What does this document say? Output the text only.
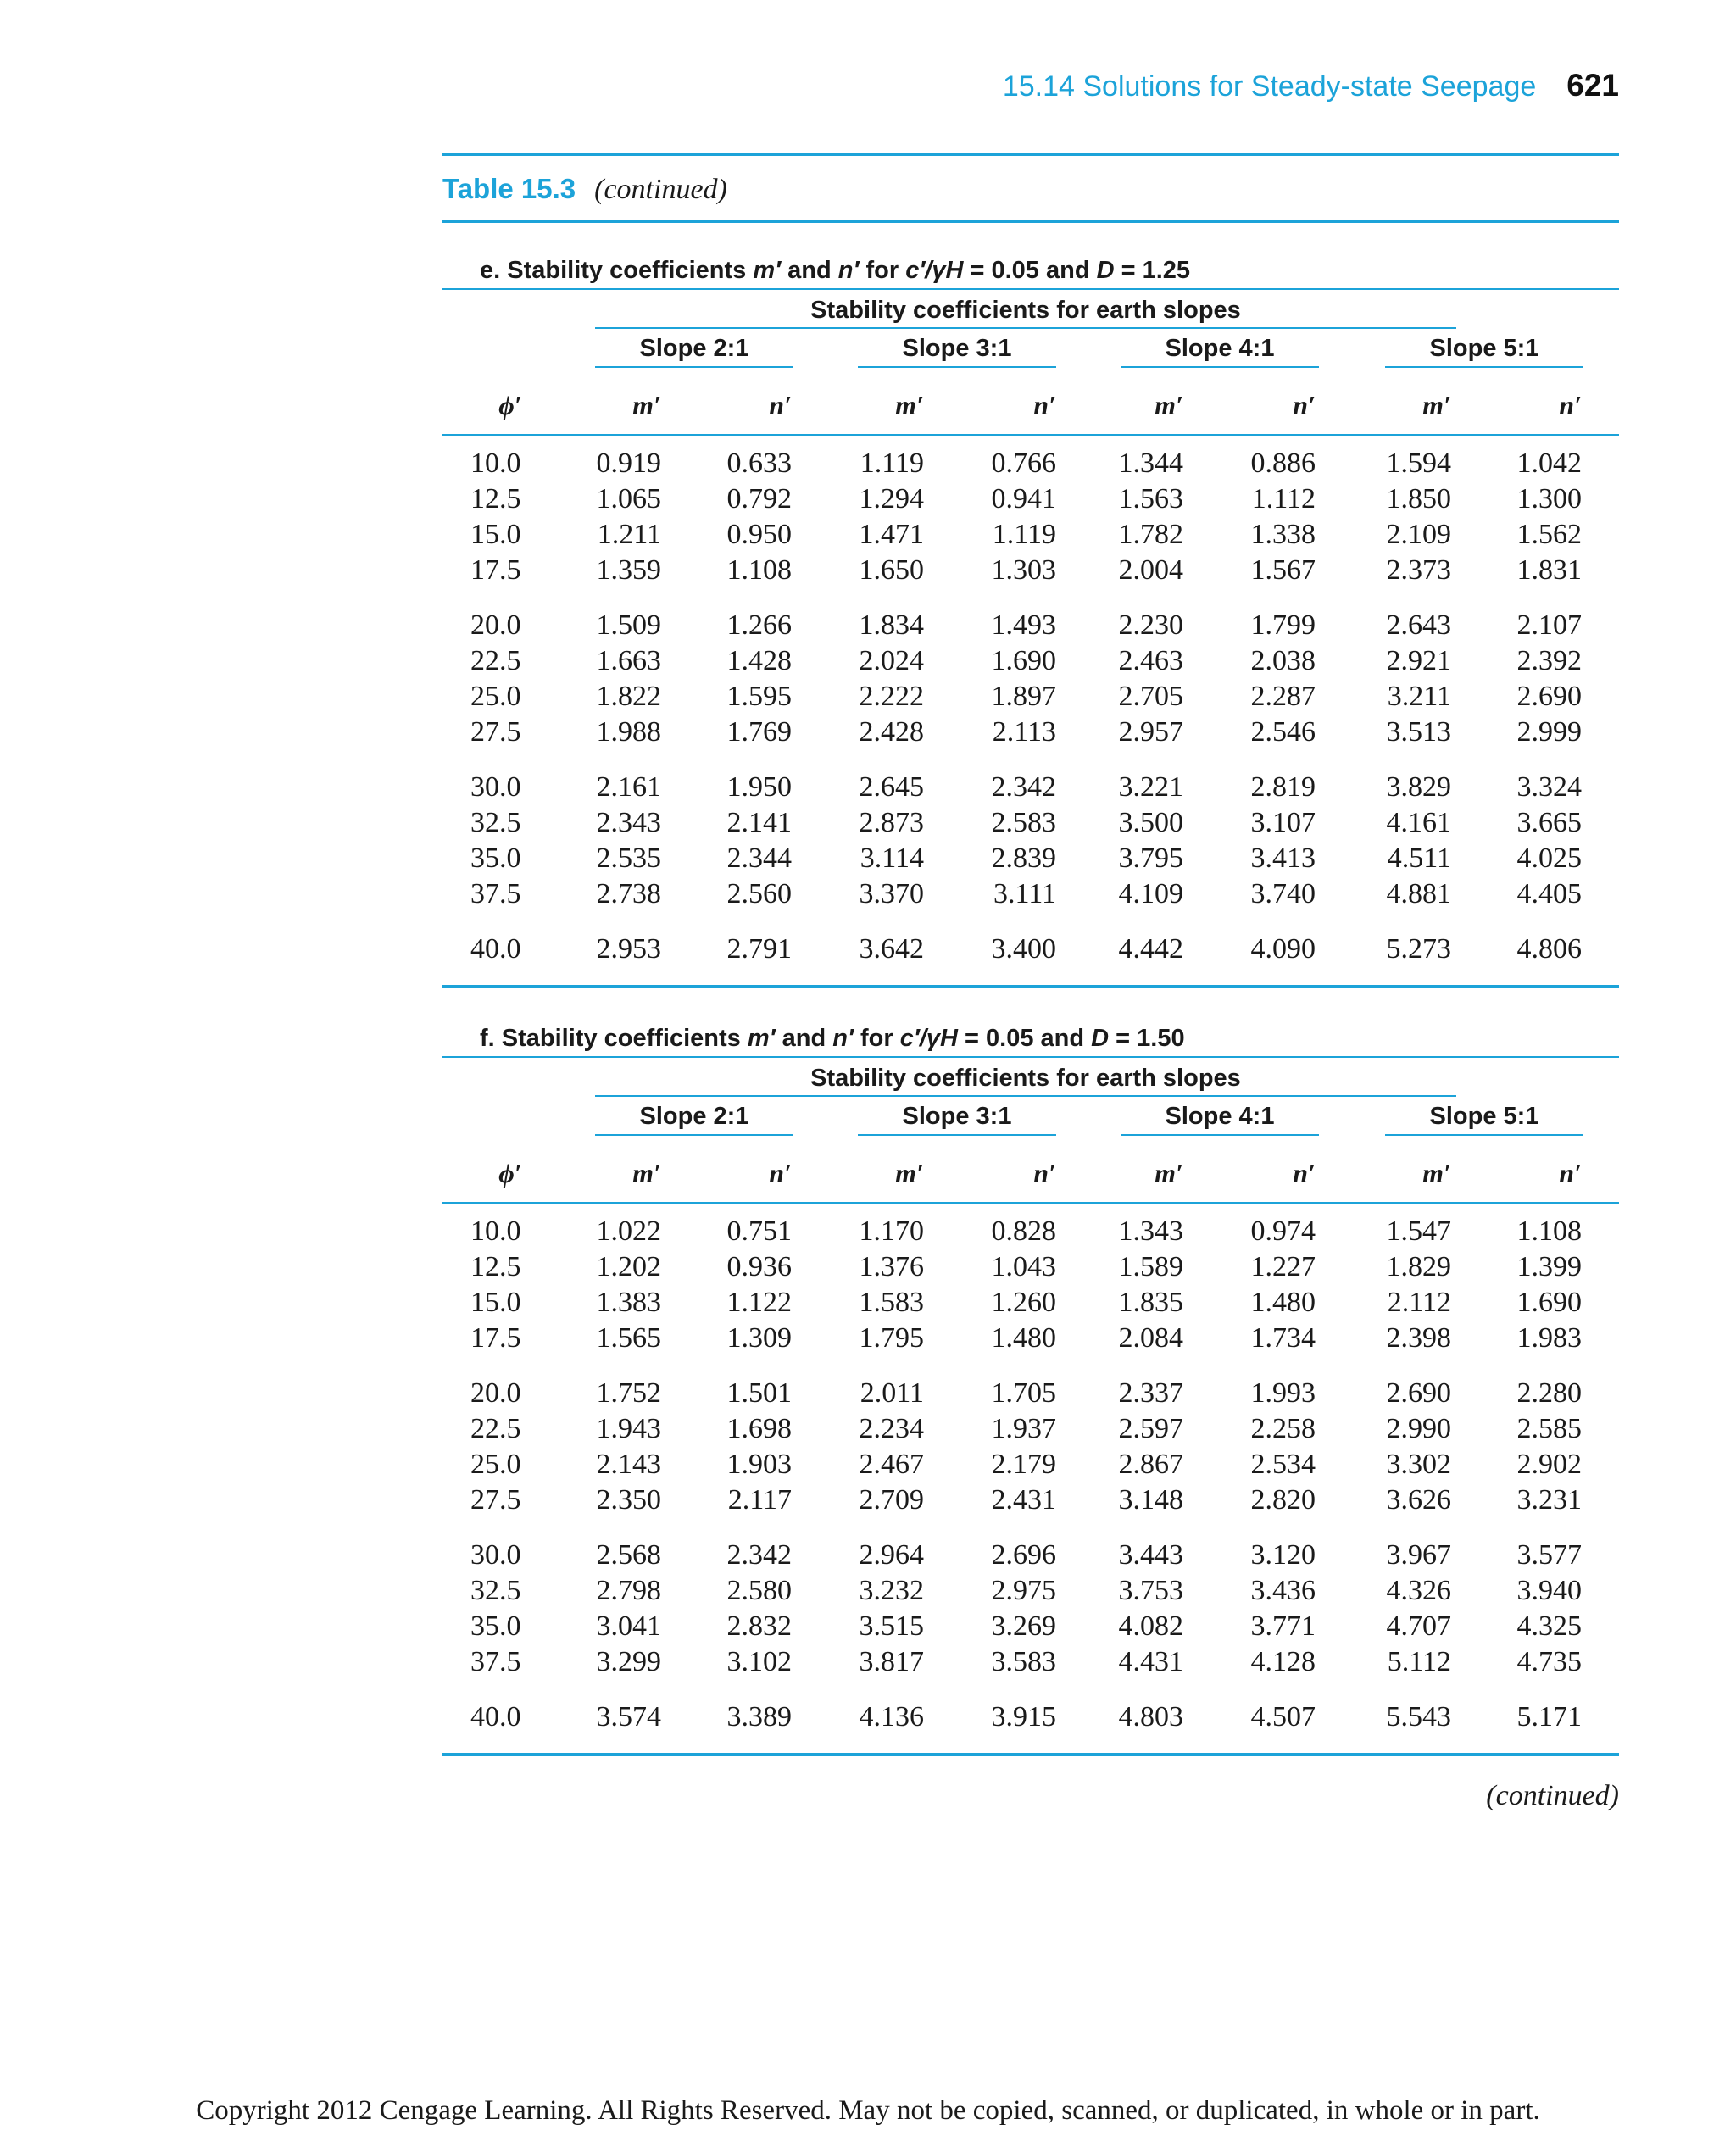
15.14 Solutions for Steady-state Seepage 621
Table 15.3 (continued)
e. Stability coefficients m′ and n′ for c′/γH = 0.05 and D = 1.25
Stability coefficients for earth slopes
Slope 2:1	Slope 3:1	Slope 4:1	Slope 5:1
ϕ′	m′	n′	m′	n′	m′	n′	m′	n′
10.0	0.919	0.633	1.119	0.766	1.344	0.886	1.594	1.042
12.5	1.065	0.792	1.294	0.941	1.563	1.112	1.850	1.300
15.0	1.211	0.950	1.471	1.119	1.782	1.338	2.109	1.562
17.5	1.359	1.108	1.650	1.303	2.004	1.567	2.373	1.831
20.0	1.509	1.266	1.834	1.493	2.230	1.799	2.643	2.107
22.5	1.663	1.428	2.024	1.690	2.463	2.038	2.921	2.392
25.0	1.822	1.595	2.222	1.897	2.705	2.287	3.211	2.690
27.5	1.988	1.769	2.428	2.113	2.957	2.546	3.513	2.999
30.0	2.161	1.950	2.645	2.342	3.221	2.819	3.829	3.324
32.5	2.343	2.141	2.873	2.583	3.500	3.107	4.161	3.665
35.0	2.535	2.344	3.114	2.839	3.795	3.413	4.511	4.025
37.5	2.738	2.560	3.370	3.111	4.109	3.740	4.881	4.405
40.0	2.953	2.791	3.642	3.400	4.442	4.090	5.273	4.806
f. Stability coefficients m′ and n′ for c′/γH = 0.05 and D = 1.50
Stability coefficients for earth slopes
Slope 2:1	Slope 3:1	Slope 4:1	Slope 5:1
ϕ′	m′	n′	m′	n′	m′	n′	m′	n′
10.0	1.022	0.751	1.170	0.828	1.343	0.974	1.547	1.108
12.5	1.202	0.936	1.376	1.043	1.589	1.227	1.829	1.399
15.0	1.383	1.122	1.583	1.260	1.835	1.480	2.112	1.690
17.5	1.565	1.309	1.795	1.480	2.084	1.734	2.398	1.983
20.0	1.752	1.501	2.011	1.705	2.337	1.993	2.690	2.280
22.5	1.943	1.698	2.234	1.937	2.597	2.258	2.990	2.585
25.0	2.143	1.903	2.467	2.179	2.867	2.534	3.302	2.902
27.5	2.350	2.117	2.709	2.431	3.148	2.820	3.626	3.231
30.0	2.568	2.342	2.964	2.696	3.443	3.120	3.967	3.577
32.5	2.798	2.580	3.232	2.975	3.753	3.436	4.326	3.940
35.0	3.041	2.832	3.515	3.269	4.082	3.771	4.707	4.325
37.5	3.299	3.102	3.817	3.583	4.431	4.128	5.112	4.735
40.0	3.574	3.389	4.136	3.915	4.803	4.507	5.543	5.171
(continued)
Copyright 2012 Cengage Learning. All Rights Reserved. May not be copied, scanned, or duplicated, in whole or in part.
